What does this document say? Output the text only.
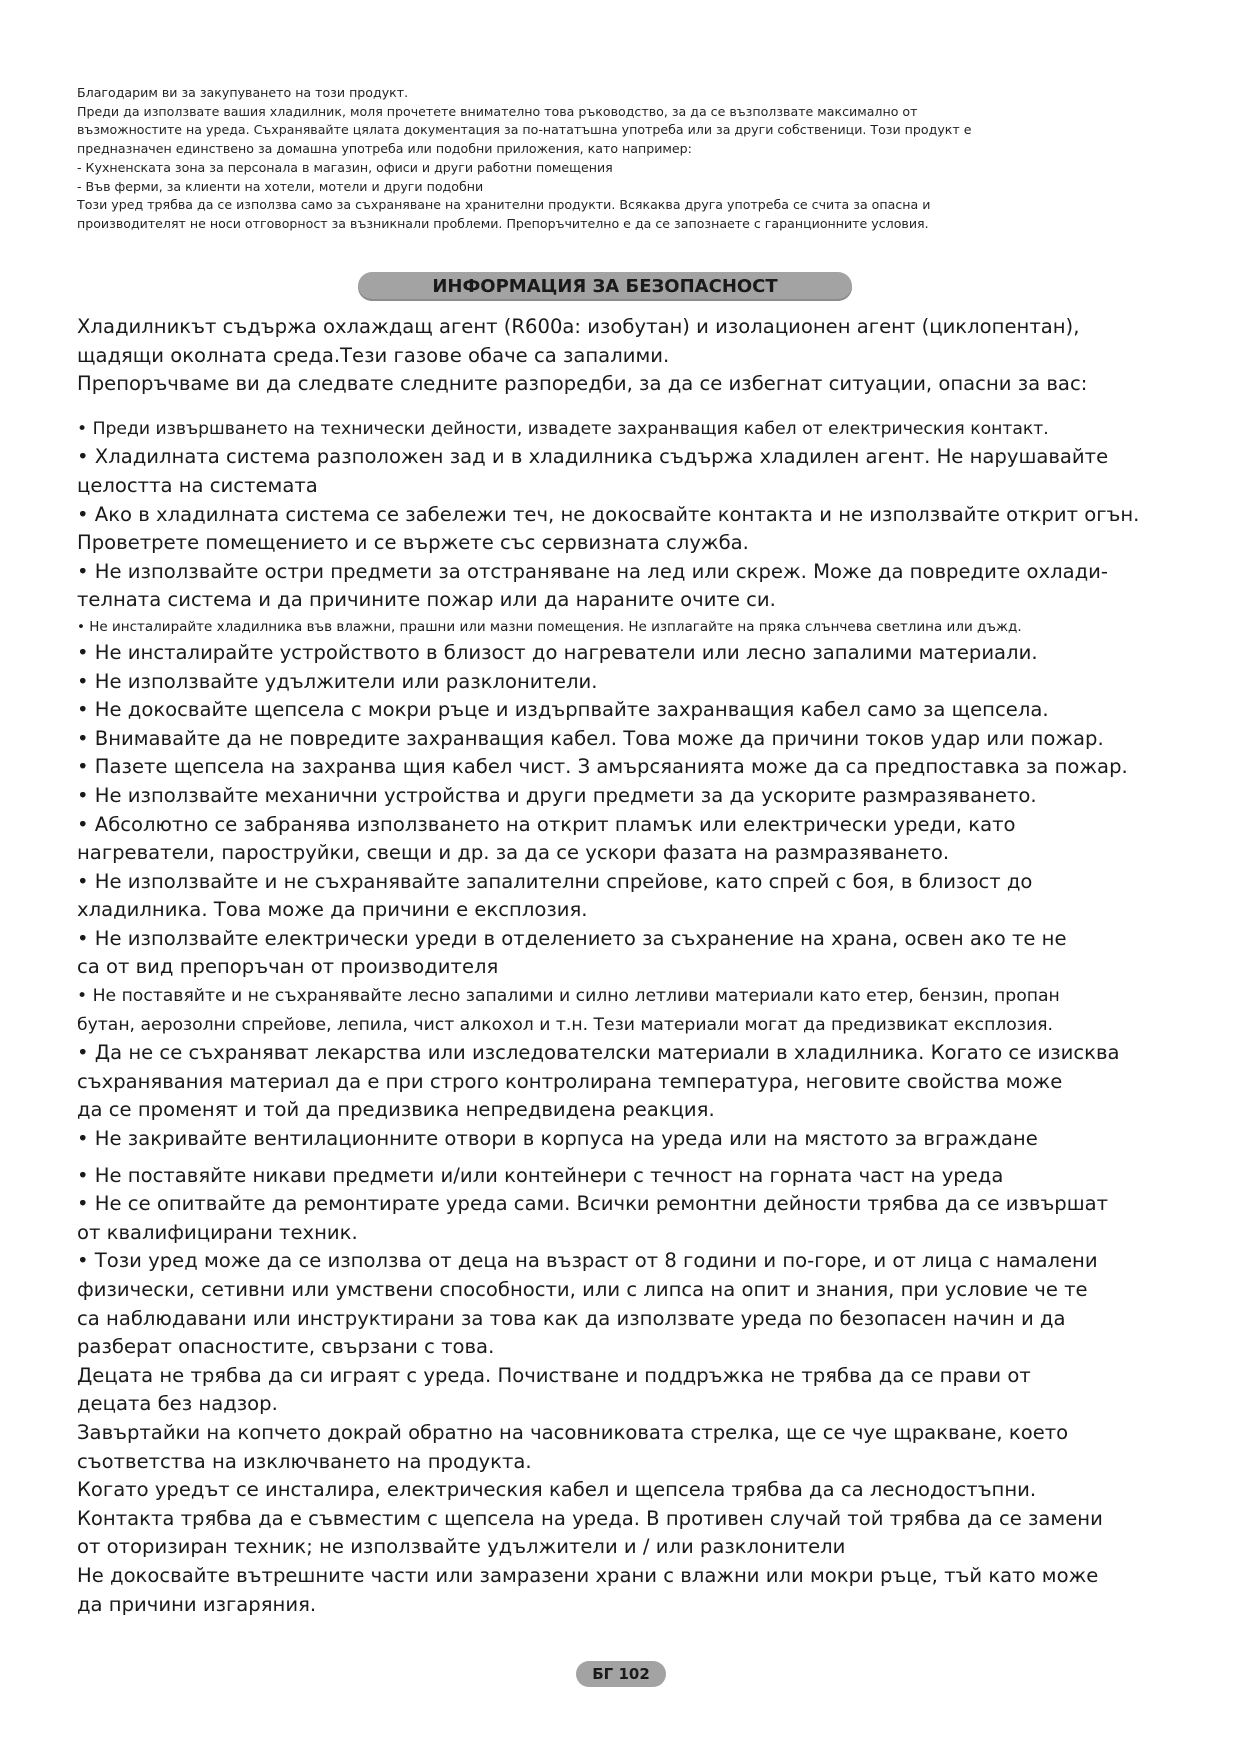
Благодарим ви за закупуването на този продукт.
Преди да използвате вашия хладилник, моля прочетете внимателно това ръководство, за да се възползвате максимално от
възможностите на уреда. Съхранявайте цялата документация за по-нататъшна употреба или за други собственици. Този продукт е
предназначен единствено за домашна употреба или подобни приложения, като например:
- Кухненската зона за персонала в магазин, офиси и други работни помещения
- Във ферми, за клиенти на хотели, мотели и други подобни
Този уред трябва да се използва само за съхраняване на хранителни продукти. Всякаква друга употреба се счита за опасна и
производителят не носи отговорност за възникнали проблеми. Препоръчително е да се запознаете с гаранционните условия.
ИНФОРМАЦИЯ ЗА БЕЗОПАСНОСТ
Хладилникът съдържа охлаждащ агент (R600a: изобутан) и изолационен агент (циклопентан),
щадящи околната среда.Тези газове обаче са запалими.
Препоръчваме ви да следвате следните разпоредби, за да се избегнат ситуации, опасни за вас:
• Преди извършването на технически дейности, извадете захранващия кабел от електрическия контакт.
• Хладилната система разположен зад и в хладилника съдържа хладилен агент. Не нарушавайте
целостта на системата
• Ако в хладилната система се забележи теч, не докосвайте контакта и не използвайте открит огън.
Проветрете помещението и се вържете със сервизната служба.
• Не използвайте остри предмети за отстраняване на лед или скреж. Може да повредите охлади-
телната система и да причините пожар или да нараните очите си.
• Не инсталирайте хладилника във влажни, прашни или мазни помещения. Не изплагайте на пряка слънчева светлина или дъжд.
• Не инсталирайте устройството в близост до нагреватели или лесно запалими материали.
• Не използвайте удължители или разклонители.
• Не докосвайте щепсела с мокри ръце и издърпвайте захранващия кабел само за щепсела.
• Внимавайте да не повредите захранващия кабел. Това може да причини токов удар или пожар.
• Пазете щепсела на захранва щия кабел чист. З амърсяанията може да са предпоставка за пожар.
• Не използвайте механични устройства и други предмети за да ускорите размразяването.
• Абсолютно се забранява използването на открит пламък или електрически уреди, като
нагреватели, пароструйки, свещи и др. за да се ускори фазата на размразяването.
• Не използвайте и не съхранявайте запалителни спрейове, като спрей с боя, в близост до
хладилника. Това може да причини е експлозия.
• Не използвайте електрически уреди в отделението за съхранение на храна, освен ако те не
са от вид препоръчан от производителя
• Не поставяйте и не съхранявайте лесно запалими и силно летливи материали като етер, бензин, пропан
бутан, аерозолни спрейове, лепила, чист алкохол и т.н. Тези материали могат да предизвикат експлозия.
• Да не се съхраняват лекарства или изследователски материали в хладилника. Когато се изисква
съхранявания материал да е при строго контролирана температура, неговите свойства може
да се променят и той да предизвика непредвидена реакция.
• Не закривайте вентилационните отвори в корпуса на уреда или на мястото за вграждане
• Не поставяйте никави предмети и/или контейнери с течност на горната част на уреда
• Не се опитвайте да ремонтирате уреда сами. Всички ремонтни дейности трябва да се извършат
от квалифицирани техник.
• Този уред може да се използва от деца на възраст от 8 години и по-горе, и от лица с намалени
физически, сетивни или умствени способности, или с липса на опит и знания, при условие че те
са наблюдавани или инструктирани за това как да използвате уреда по безопасен начин и да
разберат опасностите, свързани с това.
Децата не трябва да си играят с уреда. Почистване и поддръжка не трябва да се прави от
децата без надзор.
Завъртайки на копчето докрай обратно на часовниковата стрелка, ще се чуе щракване, което
съответства на изключването на продукта.
Когато уредът се инсталира, електрическия кабел и щепсела трябва да са леснодостъпни.
Контакта трябва да е съвместим с щепсела на уреда. В противен случай той трябва да се замени
от оторизиран техник; не използвайте удължители и / или разклонители
Не докосвайте вътрешните части или замразени храни с влажни или мокри ръце, тъй като може
да причини изгаряния.
БГ 102
